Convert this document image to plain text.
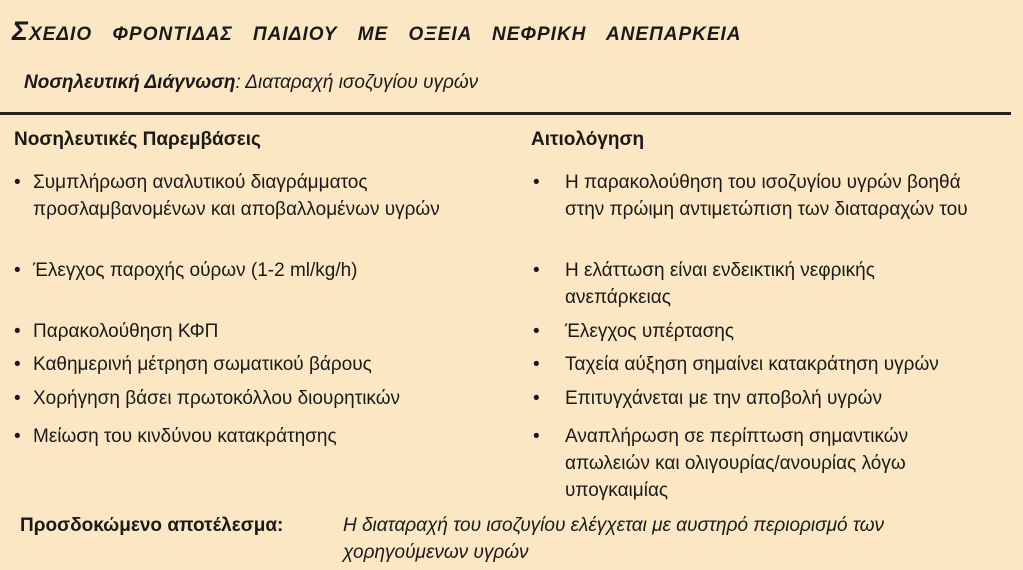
ΣΧΕΔΙΟ ΦΡΟΝΤΙΔΑΣ ΠΑΙΔΙΟΥ ΜΕ ΟΞΕΙΑ ΝΕΦΡΙΚΗ ΑΝΕΠΑΡΚΕΙΑ
Νοσηλευτική Διάγνωση: Διαταραχή ισοζυγίου υγρών
Νοσηλευτικές Παρεμβάσεις	Αιτιολόγηση
• Συμπλήρωση αναλυτικού διαγράμματος προσλαμβανομένων και αποβαλλομένων υγρών
• Έλεγχος παροχής ούρων (1-2 ml/kg/h)
• Παρακολούθηση ΚΦΠ
• Καθημερινή μέτρηση σωματικού βάρους
• Χορήγηση βάσει πρωτοκόλλου διουρητικών
• Μείωση του κινδύνου κατακράτησης
• Η παρακολούθηση του ισοζυγίου υγρών βοηθά στην πρώιμη αντιμετώπιση των διαταραχών του
• Η ελάττωση είναι ενδεικτική νεφρικής ανεπάρκειας
• Έλεγχος υπέρτασης
• Ταχεία αύξηση σημαίνει κατακράτηση υγρών
• Επιτυγχάνεται με την αποβολή υγρών
• Αναπλήρωση σε περίπτωση σημαντικών απωλειών και ολιγουρίας/ανουρίας λόγω υπογκαιμίας
Προσδοκώμενο αποτέλεσμα:	Η διαταραχή του ισοζυγίου ελέγχεται με αυστηρό περιορισμό των
χορηγούμενων υγρών
